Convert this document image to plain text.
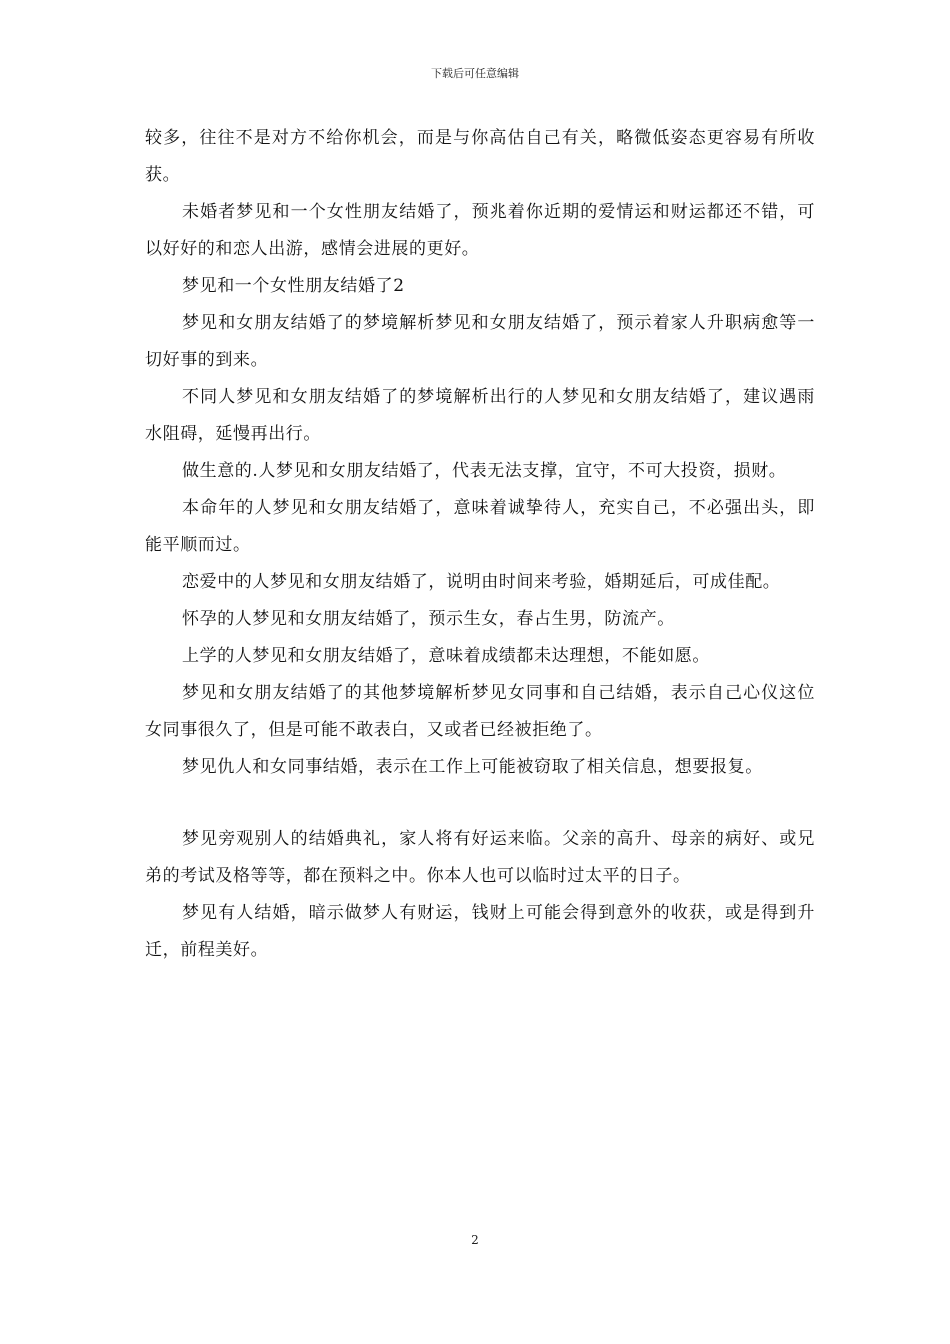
下载后可任意编辑

较多，往往不是对方不给你机会，而是与你高估自己有关，略微低姿态更容易有所收获。

未婚者梦见和一个女性朋友结婚了，预兆着你近期的爱情运和财运都还不错，可以好好的和恋人出游，感情会进展的更好。

梦见和一个女性朋友结婚了2

梦见和女朋友结婚了的梦境解析梦见和女朋友结婚了，预示着家人升职病愈等一切好事的到来。

不同人梦见和女朋友结婚了的梦境解析出行的人梦见和女朋友结婚了，建议遇雨水阻碍，延慢再出行。

做生意的.人梦见和女朋友结婚了，代表无法支撑，宜守，不可大投资，损财。

本命年的人梦见和女朋友结婚了，意味着诚挚待人，充实自己，不必强出头，即能平顺而过。

恋爱中的人梦见和女朋友结婚了，说明由时间来考验，婚期延后，可成佳配。

怀孕的人梦见和女朋友结婚了，预示生女，春占生男，防流产。

上学的人梦见和女朋友结婚了，意味着成绩都未达理想，不能如愿。

梦见和女朋友结婚了的其他梦境解析梦见女同事和自己结婚，表示自己心仪这位女同事很久了，但是可能不敢表白，又或者已经被拒绝了。

梦见仇人和女同事结婚，表示在工作上可能被窃取了相关信息，想要报复。

梦见旁观别人的结婚典礼，家人将有好运来临。父亲的高升、母亲的病好、或兄弟的考试及格等等，都在预料之中。你本人也可以临时过太平的日子。

梦见有人结婚，暗示做梦人有财运，钱财上可能会得到意外的收获，或是得到升迁，前程美好。

2
